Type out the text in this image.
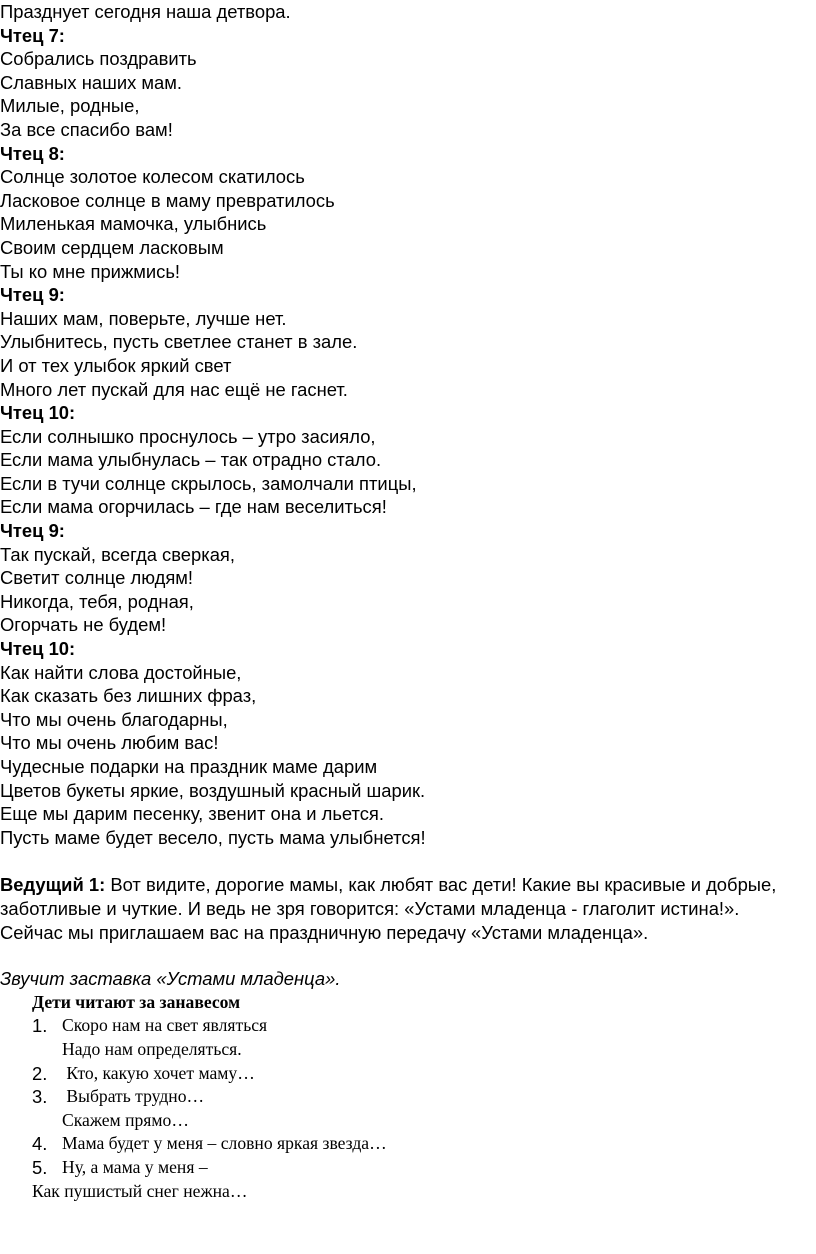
Празднует сегодня наша детвора.
Чтец 7:
Собрались поздравить
Славных наших мам.
Милые, родные,
За все спасибо вам!
Чтец 8:
Солнце золотое колесом скатилось
Ласковое солнце в маму превратилось
Миленькая мамочка, улыбнись
Своим сердцем ласковым
Ты ко мне прижмись!
Чтец 9:
Наших мам, поверьте, лучше нет.
Улыбнитесь, пусть светлее станет в зале.
И от тех улыбок яркий свет
Много лет пускай для нас ещё не гаснет.
Чтец 10:
Если солнышко проснулось – утро засияло,
Если мама улыбнулась – так отрадно стало.
Если в тучи солнце скрылось, замолчали птицы,
Если мама огорчилась – где нам веселиться!
Чтец 9:
Так пускай, всегда сверкая,
Светит солнце людям!
Никогда, тебя, родная,
Огорчать не будем!
Чтец 10:
Как найти слова достойные,
Как сказать без лишних фраз,
Что мы очень благодарны,
Что мы очень любим вас!
Чудесные подарки на праздник маме дарим
Цветов букеты яркие, воздушный красный шарик.
Еще мы дарим песенку, звенит она и льется.
Пусть маме будет весело, пусть мама улыбнется!
Ведущий 1: Вот видите, дорогие мамы, как любят вас дети! Какие вы красивые и добрые, заботливые и чуткие. И ведь не зря говорится: «Устами младенца - глаголит истина!». Сейчас мы приглашаем вас на праздничную передачу «Устами младенца».
Звучит заставка «Устами младенца».
Дети читают за занавесом
1. Скоро нам на свет являться
Надо нам определяться.
2. Кто, какую хочет маму…
3. Выбрать трудно…
Скажем прямо…
4. Мама будет у меня – словно яркая звезда…
5. Ну, а мама у меня –
Как пушистый снег нежна…
